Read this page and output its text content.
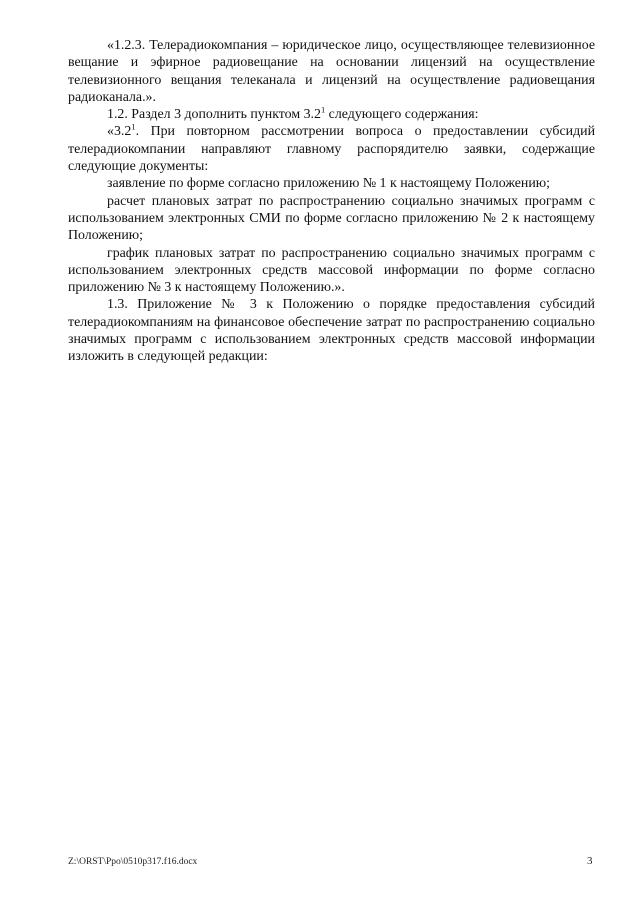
«1.2.3. Телерадиокомпания – юридическое лицо, осуществляющее телевизионное вещание и эфирное радиовещание на основании лицензий на осуществление телевизионного вещания телеканала и лицензий на осуществление радиовещания радиоканала.».

1.2. Раздел 3 дополнить пунктом $3.2^1$ следующего содержания:

«$3.2^1$. При повторном рассмотрении вопроса о предоставлении субсидий телерадиокомпании направляют главному распорядителю заявки, содержащие следующие документы:

заявление по форме согласно приложению № 1 к настоящему Положению;

расчет плановых затрат по распространению социально значимых программ с использованием электронных СМИ по форме согласно приложению № 2 к настоящему Положению;

график плановых затрат по распространению социально значимых программ с использованием электронных средств массовой информации по форме согласно приложению № 3 к настоящему Положению.».

1.3. Приложение № 3 к Положению о порядке предоставления субсидий телерадиокомпаниям на финансовое обеспечение затрат по распространению социально значимых программ с использованием электронных средств массовой информации изложить в следующей редакции:

Z:\ORST\Ppo\0510p317.f16.docx	3
